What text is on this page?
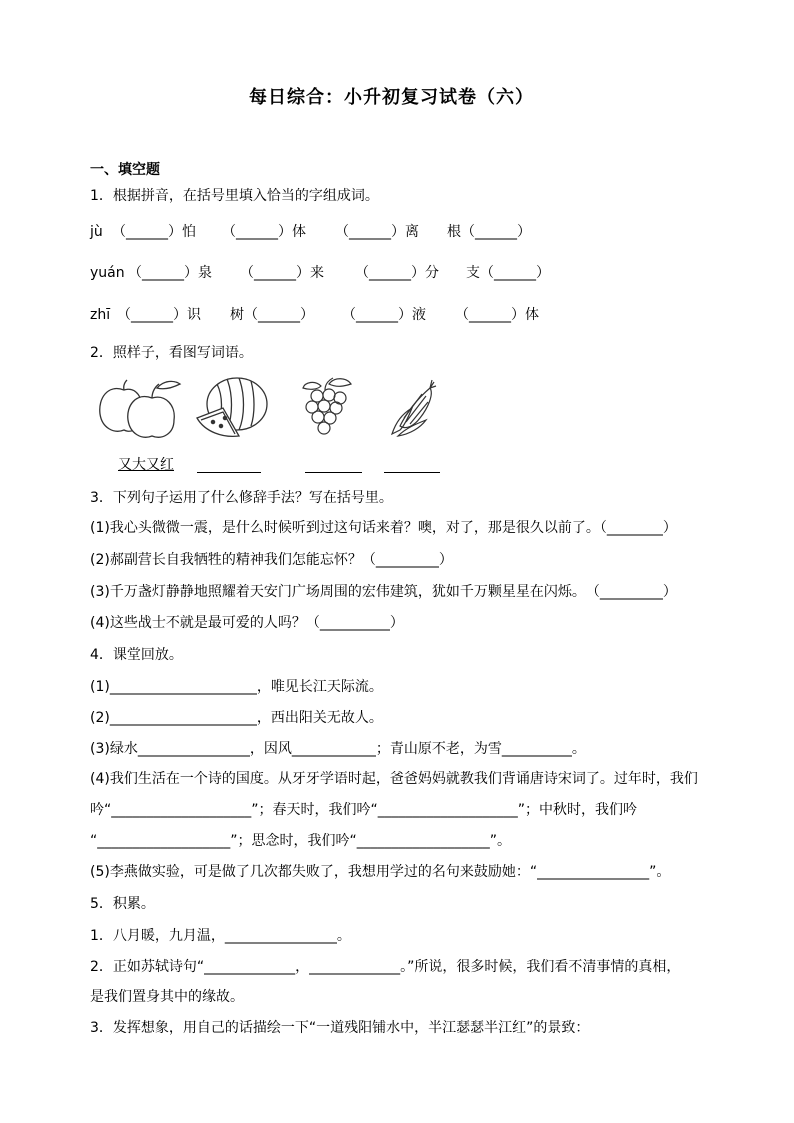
每日综合：小升初复习试卷（六）
一、填空题
1．根据拼音，在括号里填入恰当的字组成词。
jù （______）怕 （______）体 （______）离 根（______）
yuán （______）泉 （______）来 （______）分 支（______）
zhī （______）识 树（______） （______）液 （______）体
2．照样子，看图写词语。
又大又红
3．下列句子运用了什么修辞手法？写在括号里。
(1)我心头微微一震，是什么时候听到过这句话来着？噢，对了，那是很久以前了。（________）
(2)郝副营长自我牺牲的精神我们怎能忘怀？（_________）
(3)千万盏灯静静地照耀着天安门广场周围的宏伟建筑，犹如千万颗星星在闪烁。　（_________）
(4)这些战士不就是最可爱的人吗？（__________）
4．课堂回放。
(1)_____________________，唯见长江天际流。
(2)_____________________，西出阳关无故人。
(3)绿水________________，因风____________；青山原不老，为雪__________。
(4)我们生活在一个诗的国度。从牙牙学语时起，爸爸妈妈就教我们背诵唐诗宋词了。过年时，我们
吟“____________________”；春天时，我们吟“____________________”；中秋时，我们吟
“___________________”；思念时，我们吟“___________________”。
(5)李燕做实验，可是做了几次都失败了，我想用学过的名句来鼓励她：“________________”。
5．积累。
1．八月暖，九月温，________________。
2．正如苏轼诗句“_____________，_____________。”所说，很多时候，我们看不清事情的真相，
是我们置身其中的缘故。
3．发挥想象，用自己的话描绘一下“一道残阳铺水中，半江瑟瑟半江红”的景致：
